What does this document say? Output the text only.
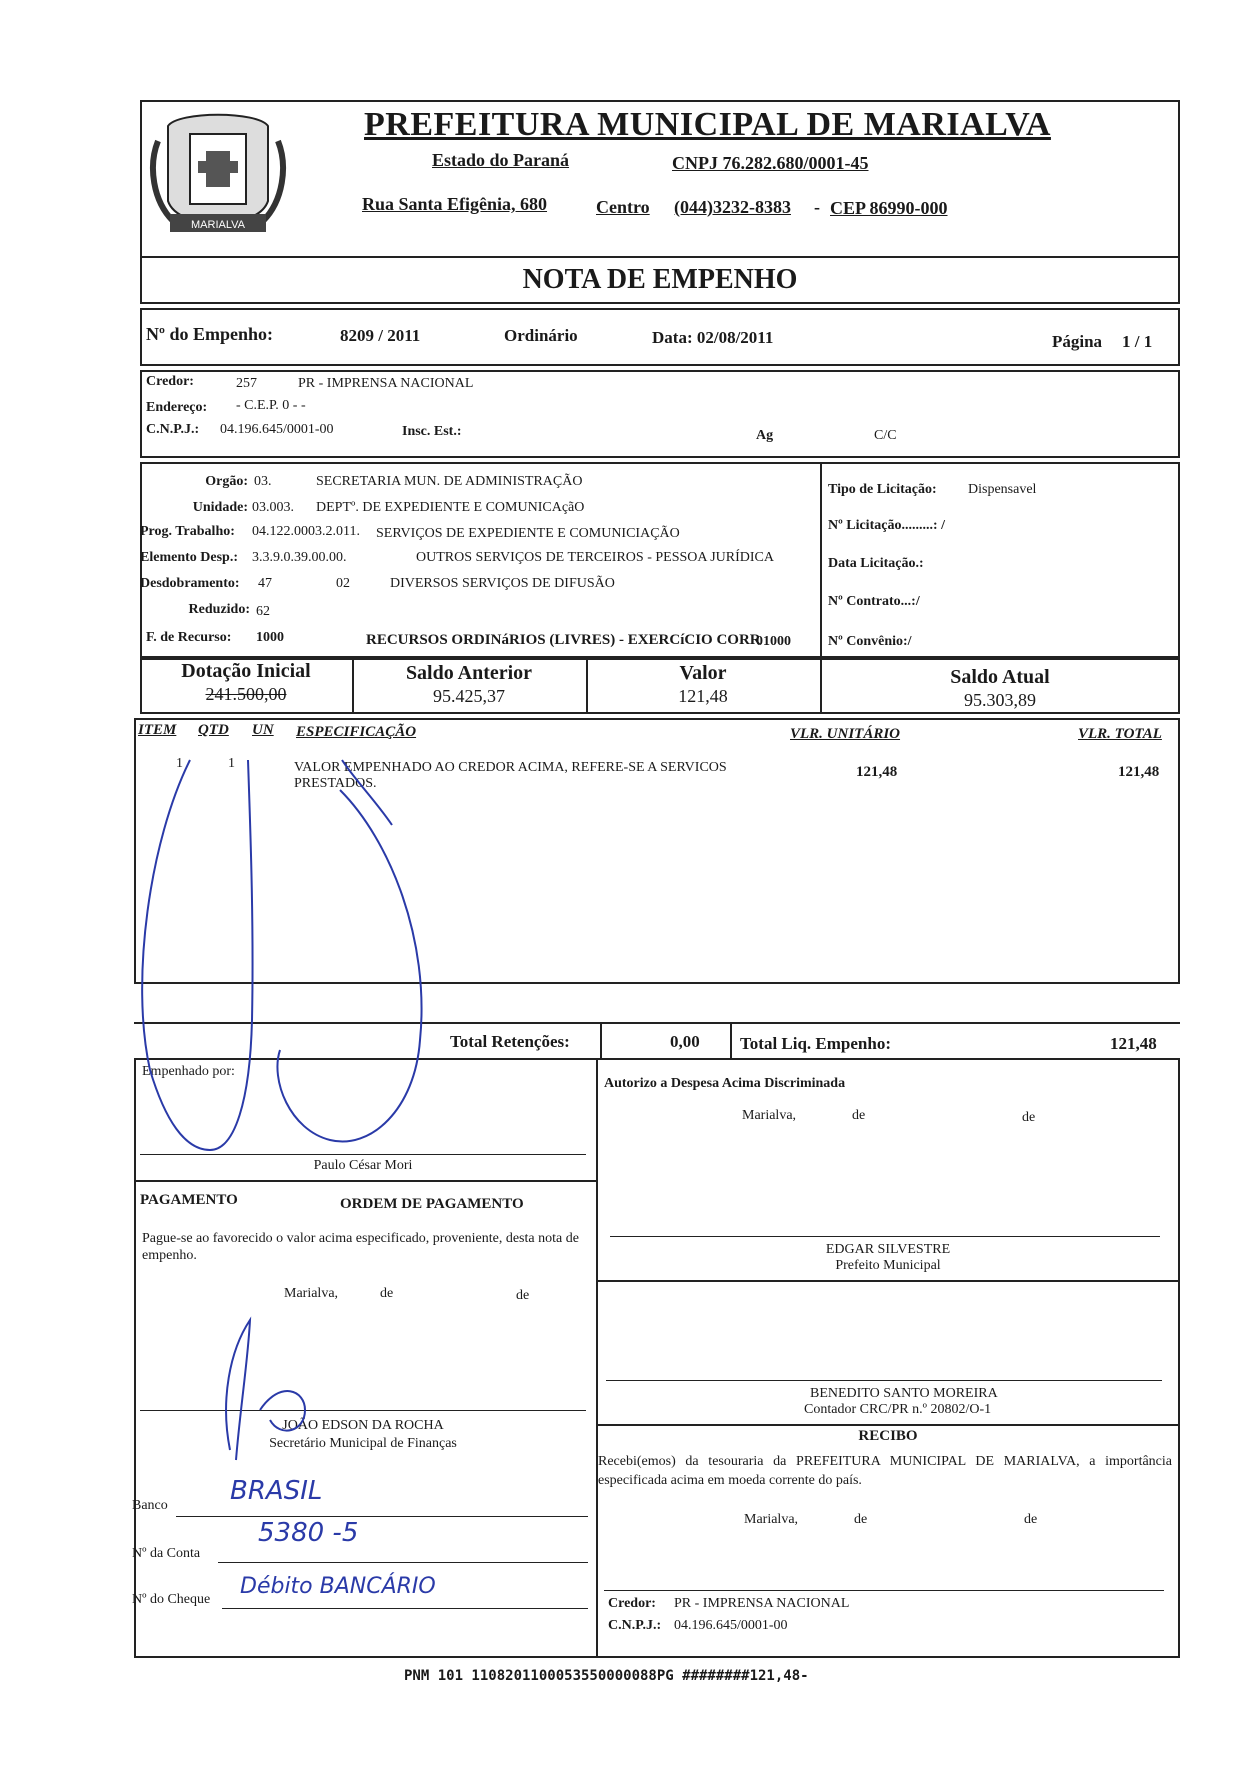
MARIALVA
PREFEITURA MUNICIPAL DE MARIALVA
Estado do Paraná	CNPJ 76.282.680/0001-45
Rua Santa Efigênia, 680	Centro (044)3232-8383 - CEP 86990-000
NOTA DE EMPENHO
Nº do Empenho:	8209 / 2011	Ordinário	Data: 02/08/2011	Página 1 / 1
Credor:	257	PR - IMPRENSA NACIONAL
Endereço: - C.E.P. 0 - -
C.N.P.J.: 04.196.645/0001-00	Insc. Est.:	Ag	C/C
Orgão: 03.	SECRETARIA MUN. DE ADMINISTRAÇÃO
Unidade: 03.003. DEPTº. DE EXPEDIENTE E COMUNICAçãO
Prog. Trabalho: 04.122.0003.2.011. SERVIÇOS DE EXPEDIENTE E COMUNICIAÇÃO
Elemento Desp.: 3.3.9.0.39.00.00.	OUTROS SERVIÇOS DE TERCEIROS - PESSOA JURÍDICA
Desdobramento: 47	02	DIVERSOS SERVIÇOS DE DIFUSÃO
Reduzido: 62
F. de Recurso: 1000	RECURSOS ORDINáRIOS (LIVRES) - EXERCíCIO CORR
01000
Tipo de Licitação: Dispensavel
Nº Licitação.........: /
Data Licitação.:
Nº Contrato...:/
Nº Convênio:/
Dotação Inicial
241.500,00
Saldo Anterior
95.425,37
Valor
121,48
Saldo Atual
95.303,89
ITEM QTD UN ESPECIFICAÇÃO	VLR. UNITÁRIO	VLR. TOTAL
1	1	VALOR EMPENHADO AO CREDOR ACIMA, REFERE-SE A SERVICOS
PRESTADOS.
121,48	121,48
Total Retenções:	0,00 Total Liq. Empenho:	121,48
Empenhado por:
Paulo César Mori
Autorizo a Despesa Acima Discriminada
Marialva,	de	de
PAGAMENTO	ORDEM DE PAGAMENTO
Pague-se ao favorecido o valor acima especificado, proveniente, desta nota de empenho.
Marialva,	de	de
EDGAR SILVESTRE
Prefeito Municipal
JOÃO EDSON DA ROCHA
Secretário Municipal de Finanças
BENEDITO SANTO MOREIRA
Contador CRC/PR n.º 20802/O-1
RECIBO
Recebi(emos) da tesouraria da PREFEITURA MUNICIPAL DE MARIALVA, a importância especificada acima em moeda corrente do país.
Marialva,	de	de
Credor: PR - IMPRENSA NACIONAL
C.N.P.J.: 04.196.645/0001-00
Banco BRASIL
Nº da Conta
5380 -5
Nº do Cheque
Débito BANCÁRIO
PNM 101 1108201100053550000088PG ########121,48-
